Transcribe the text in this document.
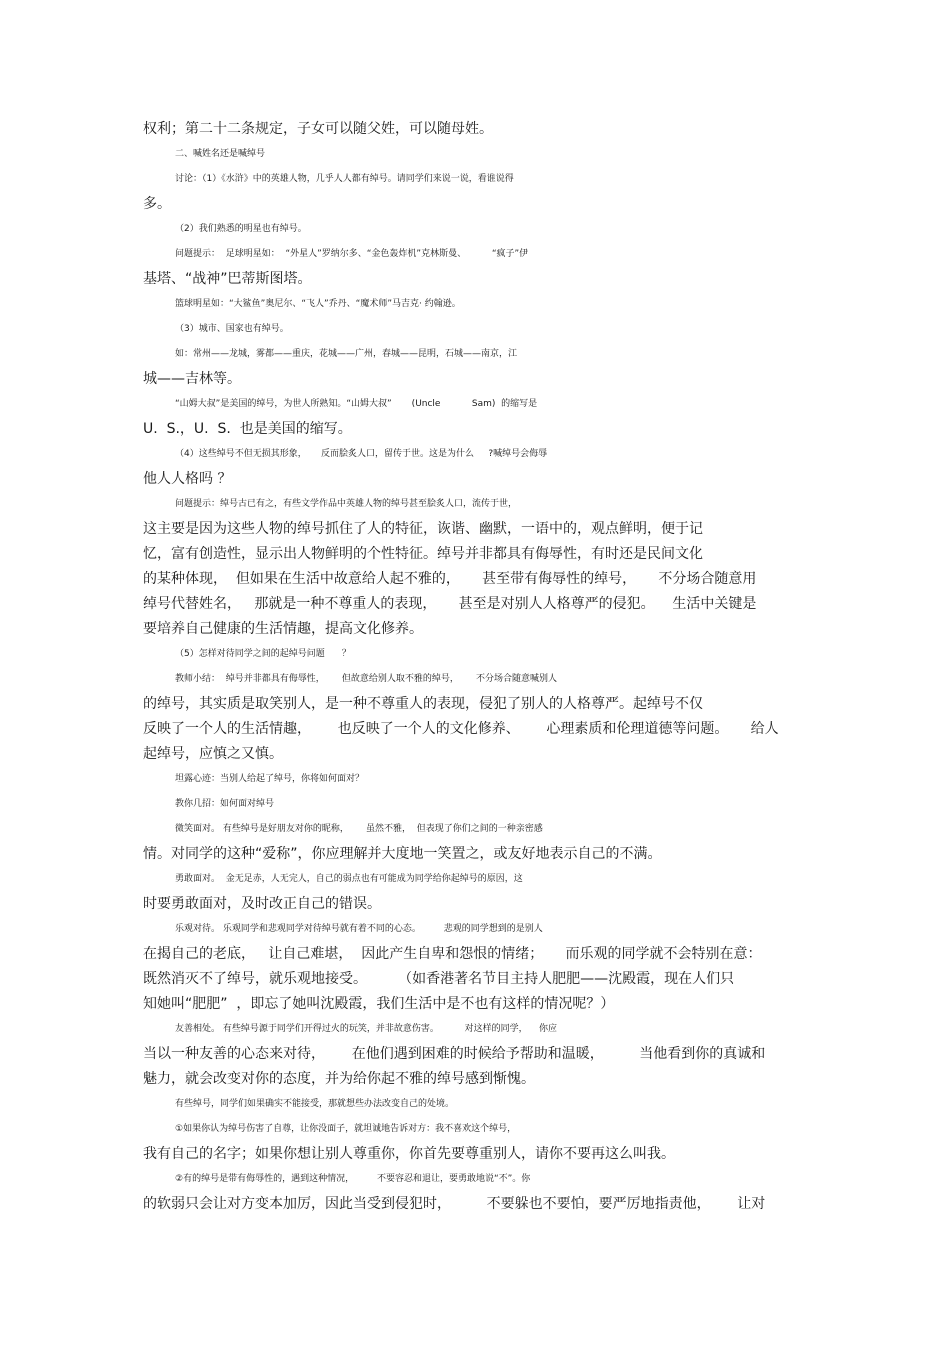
权利；第二十二条规定，子女可以随父姓，可以随母姓。
二、喊姓名还是喊绰号
讨论：（1）《水浒》中的英雄人物，几乎人人都有绰号。请同学们来说一说，看谁说得
多。
（2）我们熟悉的明星也有绰号。
问题提示：  足球明星如：  “外星人”罗纳尔多、“金色轰炸机”克林斯曼、         “疯子”伊
基塔、“战神”巴蒂斯图塔。
篮球明星如：“大鲨鱼”奥尼尔、“飞人”乔丹、“魔术师”马吉克· 约翰逊。
（3）城市、国家也有绰号。
如：常州——龙城，雾都——重庆，花城——广州，春城——昆明，石城——南京，江
城——吉林等。
“山姆大叔”是美国的绰号，为世人所熟知。“山姆大叔”       (Uncle           Sam)  的缩写是
U.  S.，U.  S.  也是美国的缩写。
（4）这些绰号不但无损其形象，     反而脍炙人口，留传于世。这是为什么     ?喊绰号会侮辱
他人人格吗 ？
问题提示：绰号古已有之，有些文学作品中英雄人物的绰号甚至脍炙人口，流传于世，
这主要是因为这些人物的绰号抓住了人的特征，诙谐、幽默，一语中的，观点鲜明，便于记
忆，富有创造性，显示出人物鲜明的个性特征。绰号并非都具有侮辱性，有时还是民间文化
的某种体现，  但如果在生活中故意给人起不雅的，     甚至带有侮辱性的绰号，     不分场合随意用
绰号代替姓名，   那就是一种不尊重人的表现，     甚至是对别人人格尊严的侵犯。    生活中关键是
要培养自己健康的生活情趣，提高文化修养。
（5）怎样对待同学之间的起绰号问题      ？
教师小结：  绰号并非都具有侮辱性，      但故意给别人取不雅的绰号，      不分场合随意喊别人
的绰号，其实质是取笑别人，是一种不尊重人的表现，侵犯了别人的人格尊严。起绰号不仅
反映了一个人的生活情趣，      也反映了一个人的文化修养、      心理素质和伦理道德等问题。     给人
起绰号，应慎之又慎。
坦露心迹：当别人给起了绰号，你将如何面对？
教你几招：如何面对绰号
微笑面对。 有些绰号是好朋友对你的昵称，      虽然不雅，  但表现了你们之间的一种亲密感
情。对同学的这种“爱称”，你应理解并大度地一笑置之，或友好地表示自己的不满。
勇敢面对。  金无足赤，人无完人，自己的弱点也有可能成为同学给你起绰号的原因，这
时要勇敢面对，及时改正自己的错误。
乐观对待。 乐观同学和悲观同学对待绰号就有着不同的心态。        悲观的同学想到的是别人
在揭自己的老底，   让自己难堪，  因此产生自卑和怨恨的情绪；     而乐观的同学就不会特别在意：
既然消灭不了绰号，就乐观地接受。       （如香港著名节目主持人肥肥——沈殿霞，现在人们只
知她叫“肥肥”  ，即忘了她叫沈殿霞，我们生活中是不也有这样的情况呢？）
友善相处。 有些绰号源于同学们开得过火的玩笑，并非故意伤害。         对这样的同学，    你应
当以一种友善的心态来对待，      在他们遇到困难的时候给予帮助和温暖，        当他看到你的真诚和
魅力，就会改变对你的态度，并为给你起不雅的绰号感到惭愧。
有些绰号，同学们如果确实不能接受，那就想些办法改变自己的处境。
①如果你认为绰号伤害了自尊，让你没面子，就坦诚地告诉对方：我不喜欢这个绰号，
我有自己的名字；如果你想让别人尊重你，你首先要尊重别人，请你不要再这么叫我。
②有的绰号是带有侮辱性的，遇到这种情况，        不要容忍和退让，要勇敢地说“不”。你
的软弱只会让对方变本加厉，因此当受到侵犯时，        不要躲也不要怕，要严厉地指责他，      让对
